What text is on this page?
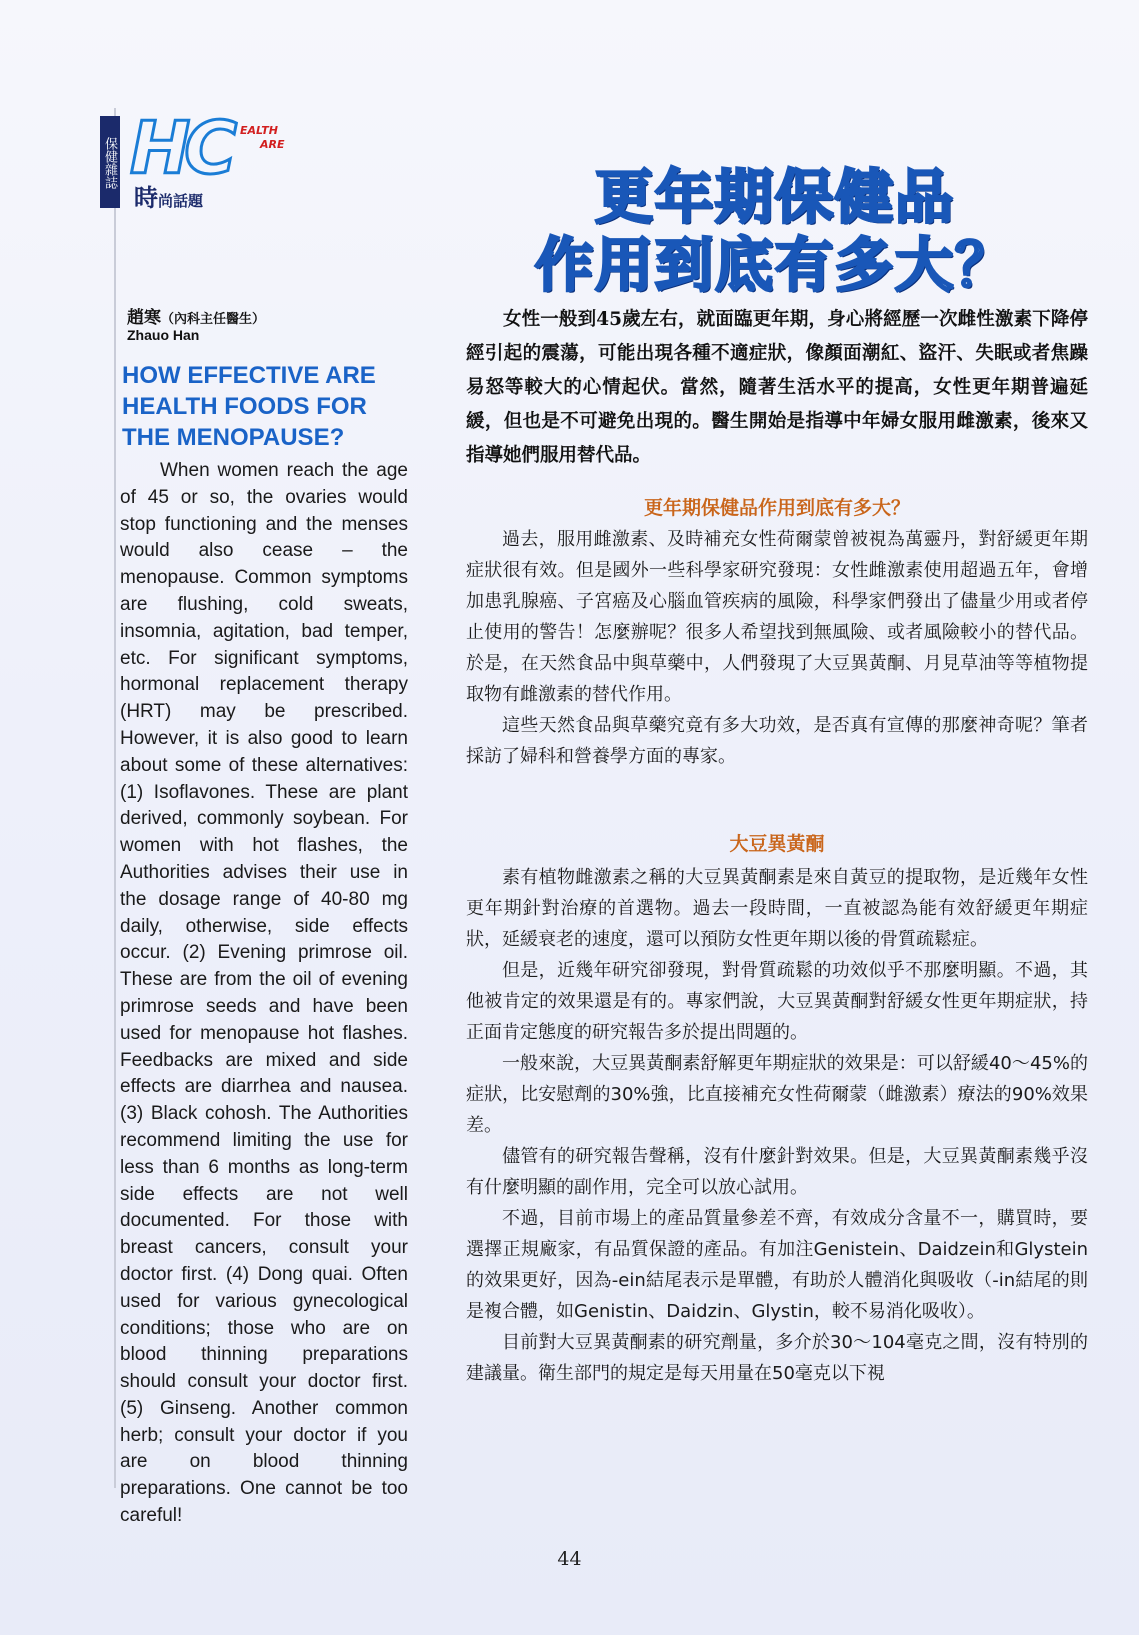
保健雜誌 HC EALTH
ARE
時尚話題	更年期保健品
作用到底有多大？
趙寒（內科主任醫生）
Zhauo Han
HOW EFFECTIVE ARE HEALTH FOODS FOR THE MENOPAUSE?

When women reach the age of 45 or so, the ovaries would stop functioning and the menses would also cease – the menopause. Common symptoms are flushing, cold sweats, insomnia, agitation, bad temper, etc. For significant symptoms, hormonal replacement therapy (HRT) may be prescribed. However, it is also good to learn about some of these alternatives: (1) Isoflavones. These are plant derived, commonly soybean. For women with hot flashes, the Authorities advises their use in the dosage range of 40-80 mg daily, otherwise, side effects occur. (2) Evening primrose oil. These are from the oil of evening primrose seeds and have been used for menopause hot flashes. Feedbacks are mixed and side effects are diarrhea and nausea. (3) Black cohosh. The Authorities recommend limiting the use for less than 6 months as long-term side effects are not well documented. For those with breast cancers, consult your doctor first. (4) Dong quai. Often used for various gynecological conditions; those who are on blood thinning preparations should consult your doctor first. (5) Ginseng. Another common herb; consult your doctor if you are on blood thinning preparations. One cannot be too careful!

女性一般到45歲左右，就面臨更年期，身心將經歷一次雌性激素下降停經引起的震蕩，可能出現各種不適症狀，像顏面潮紅、盜汗、失眠或者焦躁易怒等較大的心情起伏。當然，隨著生活水平的提高，女性更年期普遍延緩，但也是不可避免出現的。醫生開始是指導中年婦女服用雌激素，後來又指導她們服用替代品。

更年期保健品作用到底有多大？

過去，服用雌激素、及時補充女性荷爾蒙曾被視為萬靈丹，對舒緩更年期症狀很有效。但是國外一些科學家研究發現：女性雌激素使用超過五年，會增加患乳腺癌、子宮癌及心腦血管疾病的風險，科學家們發出了儘量少用或者停止使用的警告！怎麼辦呢？很多人希望找到無風險、或者風險較小的替代品。於是，在天然食品中與草藥中，人們發現了大豆異黃酮、月見草油等等植物提取物有雌激素的替代作用。

這些天然食品與草藥究竟有多大功效，是否真有宣傳的那麼神奇呢？筆者採訪了婦科和營養學方面的專家。

大豆異黃酮

素有植物雌激素之稱的大豆異黃酮素是來自黃豆的提取物，是近幾年女性更年期針對治療的首選物。過去一段時間，一直被認為能有效舒緩更年期症狀，延緩衰老的速度，還可以預防女性更年期以後的骨質疏鬆症。

但是，近幾年研究卻發現，對骨質疏鬆的功效似乎不那麼明顯。不過，其他被肯定的效果還是有的。專家們說，大豆異黃酮對舒緩女性更年期症狀，持正面肯定態度的研究報告多於提出問題的。

一般來說，大豆異黃酮素舒解更年期症狀的效果是：可以舒緩40～45%的症狀，比安慰劑的30%強，比直接補充女性荷爾蒙（雌激素）療法的90%效果差。

儘管有的研究報告聲稱，沒有什麼針對效果。但是，大豆異黃酮素幾乎沒有什麼明顯的副作用，完全可以放心試用。

不過，目前市場上的產品質量參差不齊，有效成分含量不一，購買時，要選擇正規廠家，有品質保證的產品。有加注Genistein、Daidzein和Glystein的效果更好，因為-ein結尾表示是單體，有助於人體消化與吸收（-in結尾的則是複合體，如Genistin、Daidzin、Glystin，較不易消化吸收）。

目前對大豆異黃酮素的研究劑量，多介於30～104毫克之間，沒有特別的建議量。衛生部門的規定是每天用量在50毫克以下視

44
